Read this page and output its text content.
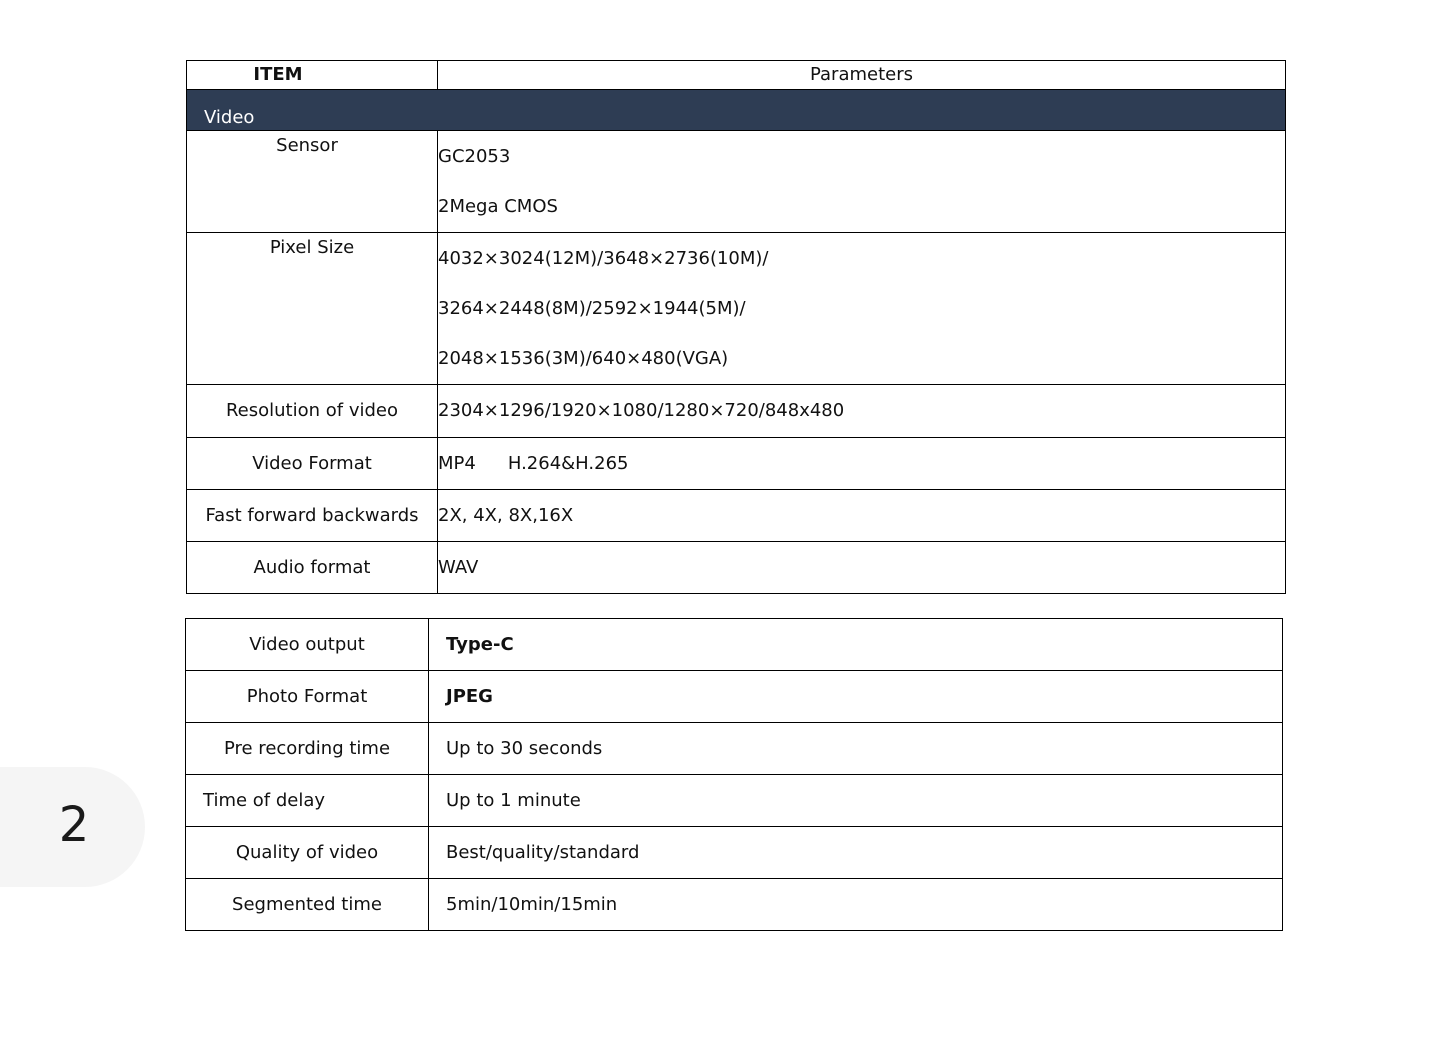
ITEM	Parameters
Video	
Sensor	GC2053
2Mega CMOS

Pixel Size	4032×3024(12M)/3648×2736(10M)/
3264×2448(8M)/2592×1944(5M)/
2048×1536(3M)/640×480(VGA)

Resolution of video	2304×1296/1920×1080/1280×720/848x480
Video Format	MP4 H.264&H.265
Fast forward backwards	2X, 4X, 8X,16X
Audio format	WAV
Video output	Type-C
Photo Format	JPEG
Pre recording time	Up to 30 seconds
Time of delay	Up to 1 minute
Quality of video	Best/quality/standard
Segmented time	5min/10min/15min
2
